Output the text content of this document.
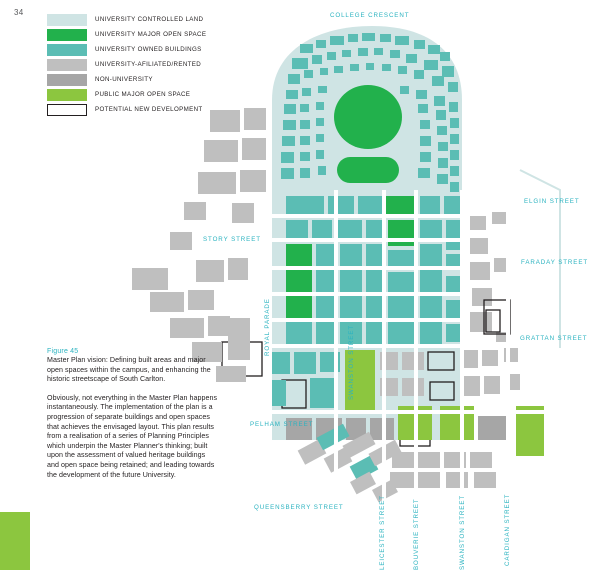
34	COLLEGE CRESCENT
ELGIN STREET
FARADAY STREET
GRATTAN STREET
STORY STREET
PELHAM STREET
QUEENSBERRY STREET
ROYAL PARADE	SWANSTON STREET
LEICESTER STREET	BOUVERIE STREET	SWANSTON STREET	CARDIGAN STREET
UNIVERSITY CONTROLLED LAND
UNIVERSITY MAJOR OPEN SPACE
UNIVERSITY OWNED BUILDINGS
UNIVERSITY-AFILIATED/RENTED
NON-UNIVERSITY
PUBLIC MAJOR OPEN SPACE
POTENTIAL NEW DEVELOPMENT
Figure 45

Master Plan vision: Defining built areas and major open spaces within the campus, and enhancing the historic streetscape of South Carlton.

Obviously, not everything in the Master Plan happens instantaneously. The implementation of the plan is a progression of separate buildings and open spaces that achieves the envisaged layout. This plan results from a realisation of a series of Planning Principles which underpin the Master Planner's thinking; built upon the assessment of valued heritage buildings and open space being retained; and leading towards the development of the future University.
